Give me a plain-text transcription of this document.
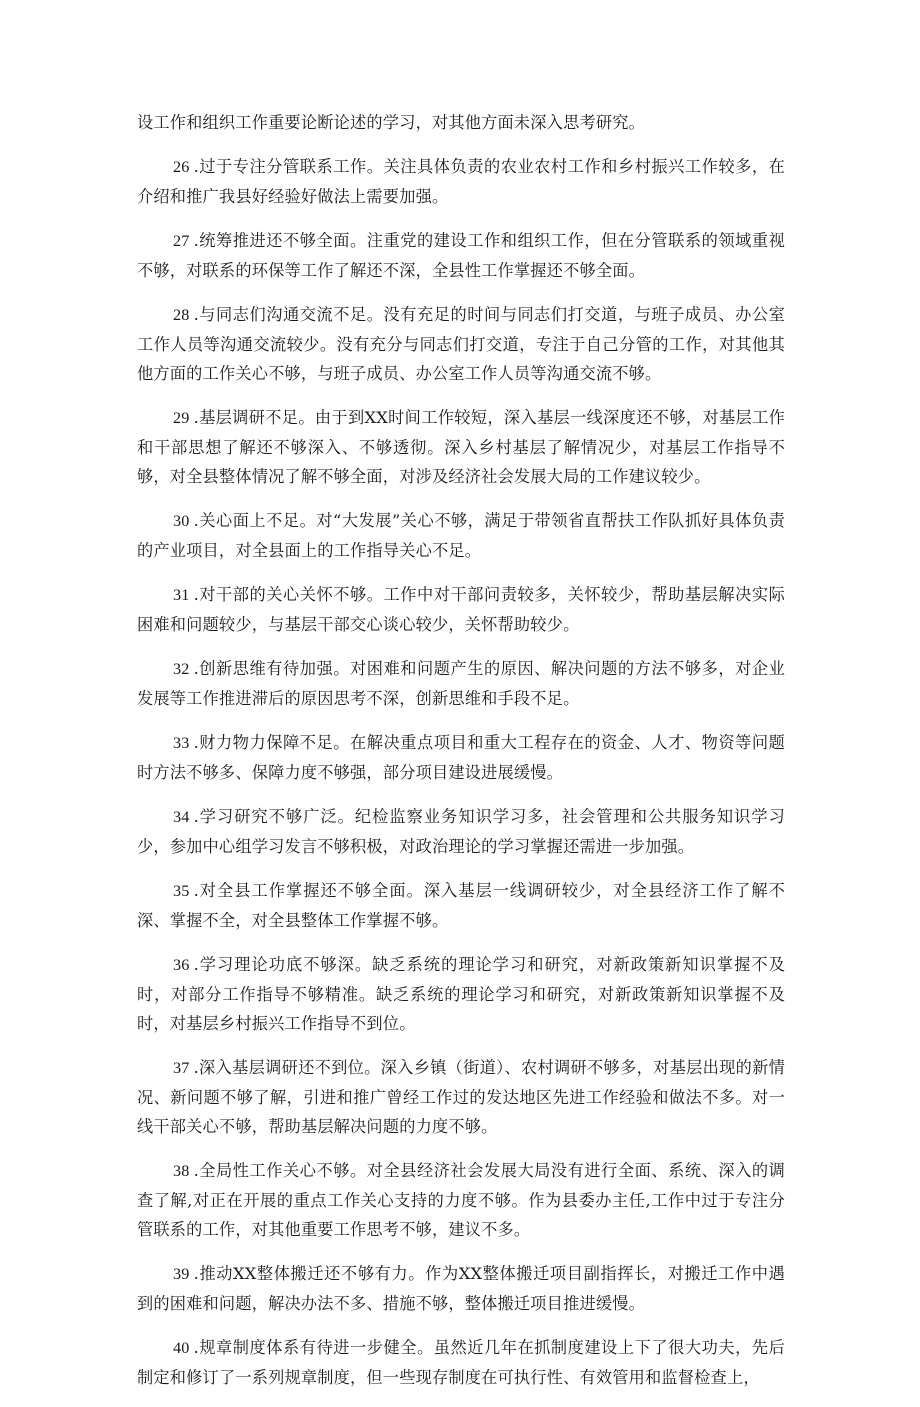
设工作和组织工作重要论断论述的学习，对其他方面未深入思考研究。

26 .过于专注分管联系工作。关注具体负责的农业农村工作和乡村振兴工作较多，在介绍和推广我县好经验好做法上需要加强。

27 .统筹推进还不够全面。注重党的建设工作和组织工作，但在分管联系的领域重视不够，对联系的环保等工作了解还不深，全县性工作掌握还不够全面。

28 .与同志们沟通交流不足。没有充足的时间与同志们打交道，与班子成员、办公室工作人员等沟通交流较少。没有充分与同志们打交道，专注于自己分管的工作，对其他其他方面的工作关心不够，与班子成员、办公室工作人员等沟通交流不够。

29 .基层调研不足。由于到XX时间工作较短，深入基层一线深度还不够，对基层工作和干部思想了解还不够深入、不够透彻。深入乡村基层了解情况少，对基层工作指导不够，对全县整体情况了解不够全面，对涉及经济社会发展大局的工作建议较少。

30 .关心面上不足。对“大发展”关心不够，满足于带领省直帮扶工作队抓好具体负责的产业项目，对全县面上的工作指导关心不足。

31 .对干部的关心关怀不够。工作中对干部问责较多，关怀较少，帮助基层解决实际困难和问题较少，与基层干部交心谈心较少，关怀帮助较少。

32 .创新思维有待加强。对困难和问题产生的原因、解决问题的方法不够多，对企业发展等工作推进滞后的原因思考不深，创新思维和手段不足。

33 .财力物力保障不足。在解决重点项目和重大工程存在的资金、人才、物资等问题时方法不够多、保障力度不够强，部分项目建设进展缓慢。

34 .学习研究不够广泛。纪检监察业务知识学习多，社会管理和公共服务知识学习少，参加中心组学习发言不够积极，对政治理论的学习掌握还需进一步加强。

35 .对全县工作掌握还不够全面。深入基层一线调研较少，对全县经济工作了解不深、掌握不全，对全县整体工作掌握不够。

36 .学习理论功底不够深。缺乏系统的理论学习和研究，对新政策新知识掌握不及时，对部分工作指导不够精准。缺乏系统的理论学习和研究，对新政策新知识掌握不及时，对基层乡村振兴工作指导不到位。

37 .深入基层调研还不到位。深入乡镇（街道）、农村调研不够多，对基层出现的新情况、新问题不够了解，引进和推广曾经工作过的发达地区先进工作经验和做法不多。对一线干部关心不够，帮助基层解决问题的力度不够。

38 .全局性工作关心不够。对全县经济社会发展大局没有进行全面、系统、深入的调查了解,对正在开展的重点工作关心支持的力度不够。作为县委办主任,工作中过于专注分管联系的工作，对其他重要工作思考不够，建议不多。

39 .推动XX整体搬迁还不够有力。作为XX整体搬迁项目副指挥长，对搬迁工作中遇到的困难和问题，解决办法不多、措施不够，整体搬迁项目推进缓慢。

40 .规章制度体系有待进一步健全。虽然近几年在抓制度建设上下了很大功夫，先后制定和修订了一系列规章制度，但一些现存制度在可执行性、有效管用和监督检查上，
